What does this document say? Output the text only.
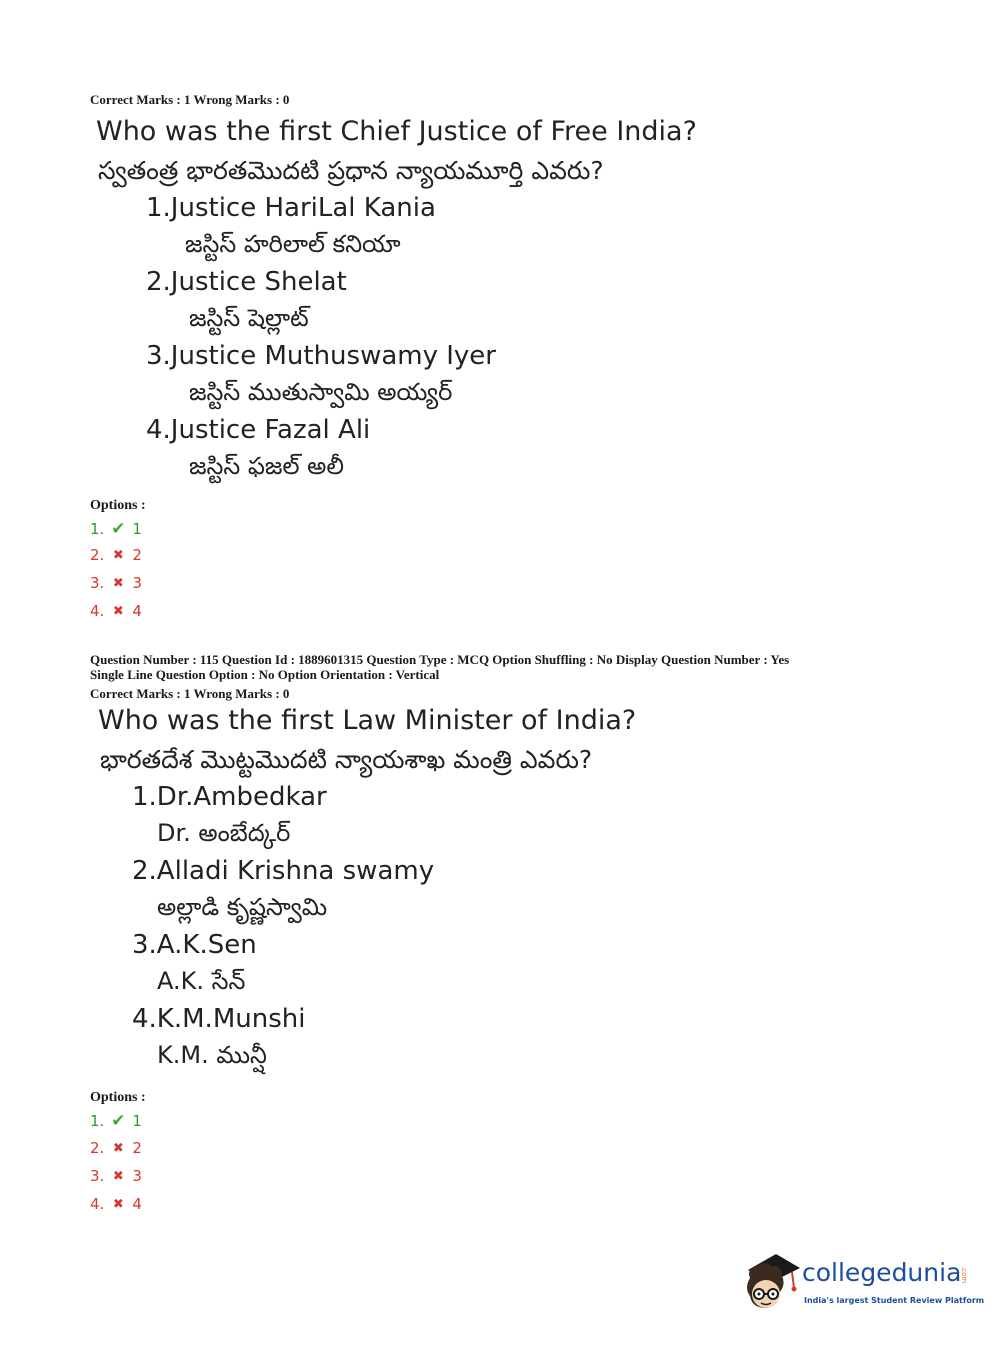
Correct Marks : 1 Wrong Marks : 0
Who was the first Chief Justice of Free India?
స్వతంత్ర భారతమొదటి ప్రధాన న్యాయమూర్తి ఎవరు?
1.Justice HariLal Kania
జస్టిస్ హరిలాల్ కనియా
2.Justice Shelat
జస్టిస్ షెల్లాట్
3.Justice Muthuswamy Iyer
జస్టిస్ ముతుస్వామి అయ్యర్
4.Justice Fazal Ali
జస్టిస్ ఫజల్ అలీ
Options :
1. ✔ 1
2. ✖ 2
3. ✖ 3
4. ✖ 4
Question Number : 115 Question Id : 1889601315 Question Type : MCQ Option Shuffling : No Display Question Number : Yes
Single Line Question Option : No Option Orientation : Vertical
Correct Marks : 1 Wrong Marks : 0
Who was the first Law Minister of India?
భారతదేశ మొట్టమొదటి న్యాయశాఖ మంత్రి ఎవరు?
1.Dr.Ambedkar
Dr. అంబేద్కర్
2.Alladi Krishna swamy
అల్లాడి కృష్ణస్వామి
3.A.K.Sen
A.K. సేన్
4.K.M.Munshi
K.M. మున్షీ
Options :
1. ✔ 1
2. ✖ 2
3. ✖ 3
4. ✖ 4
collegedunia
.com
India's largest Student Review Platform
